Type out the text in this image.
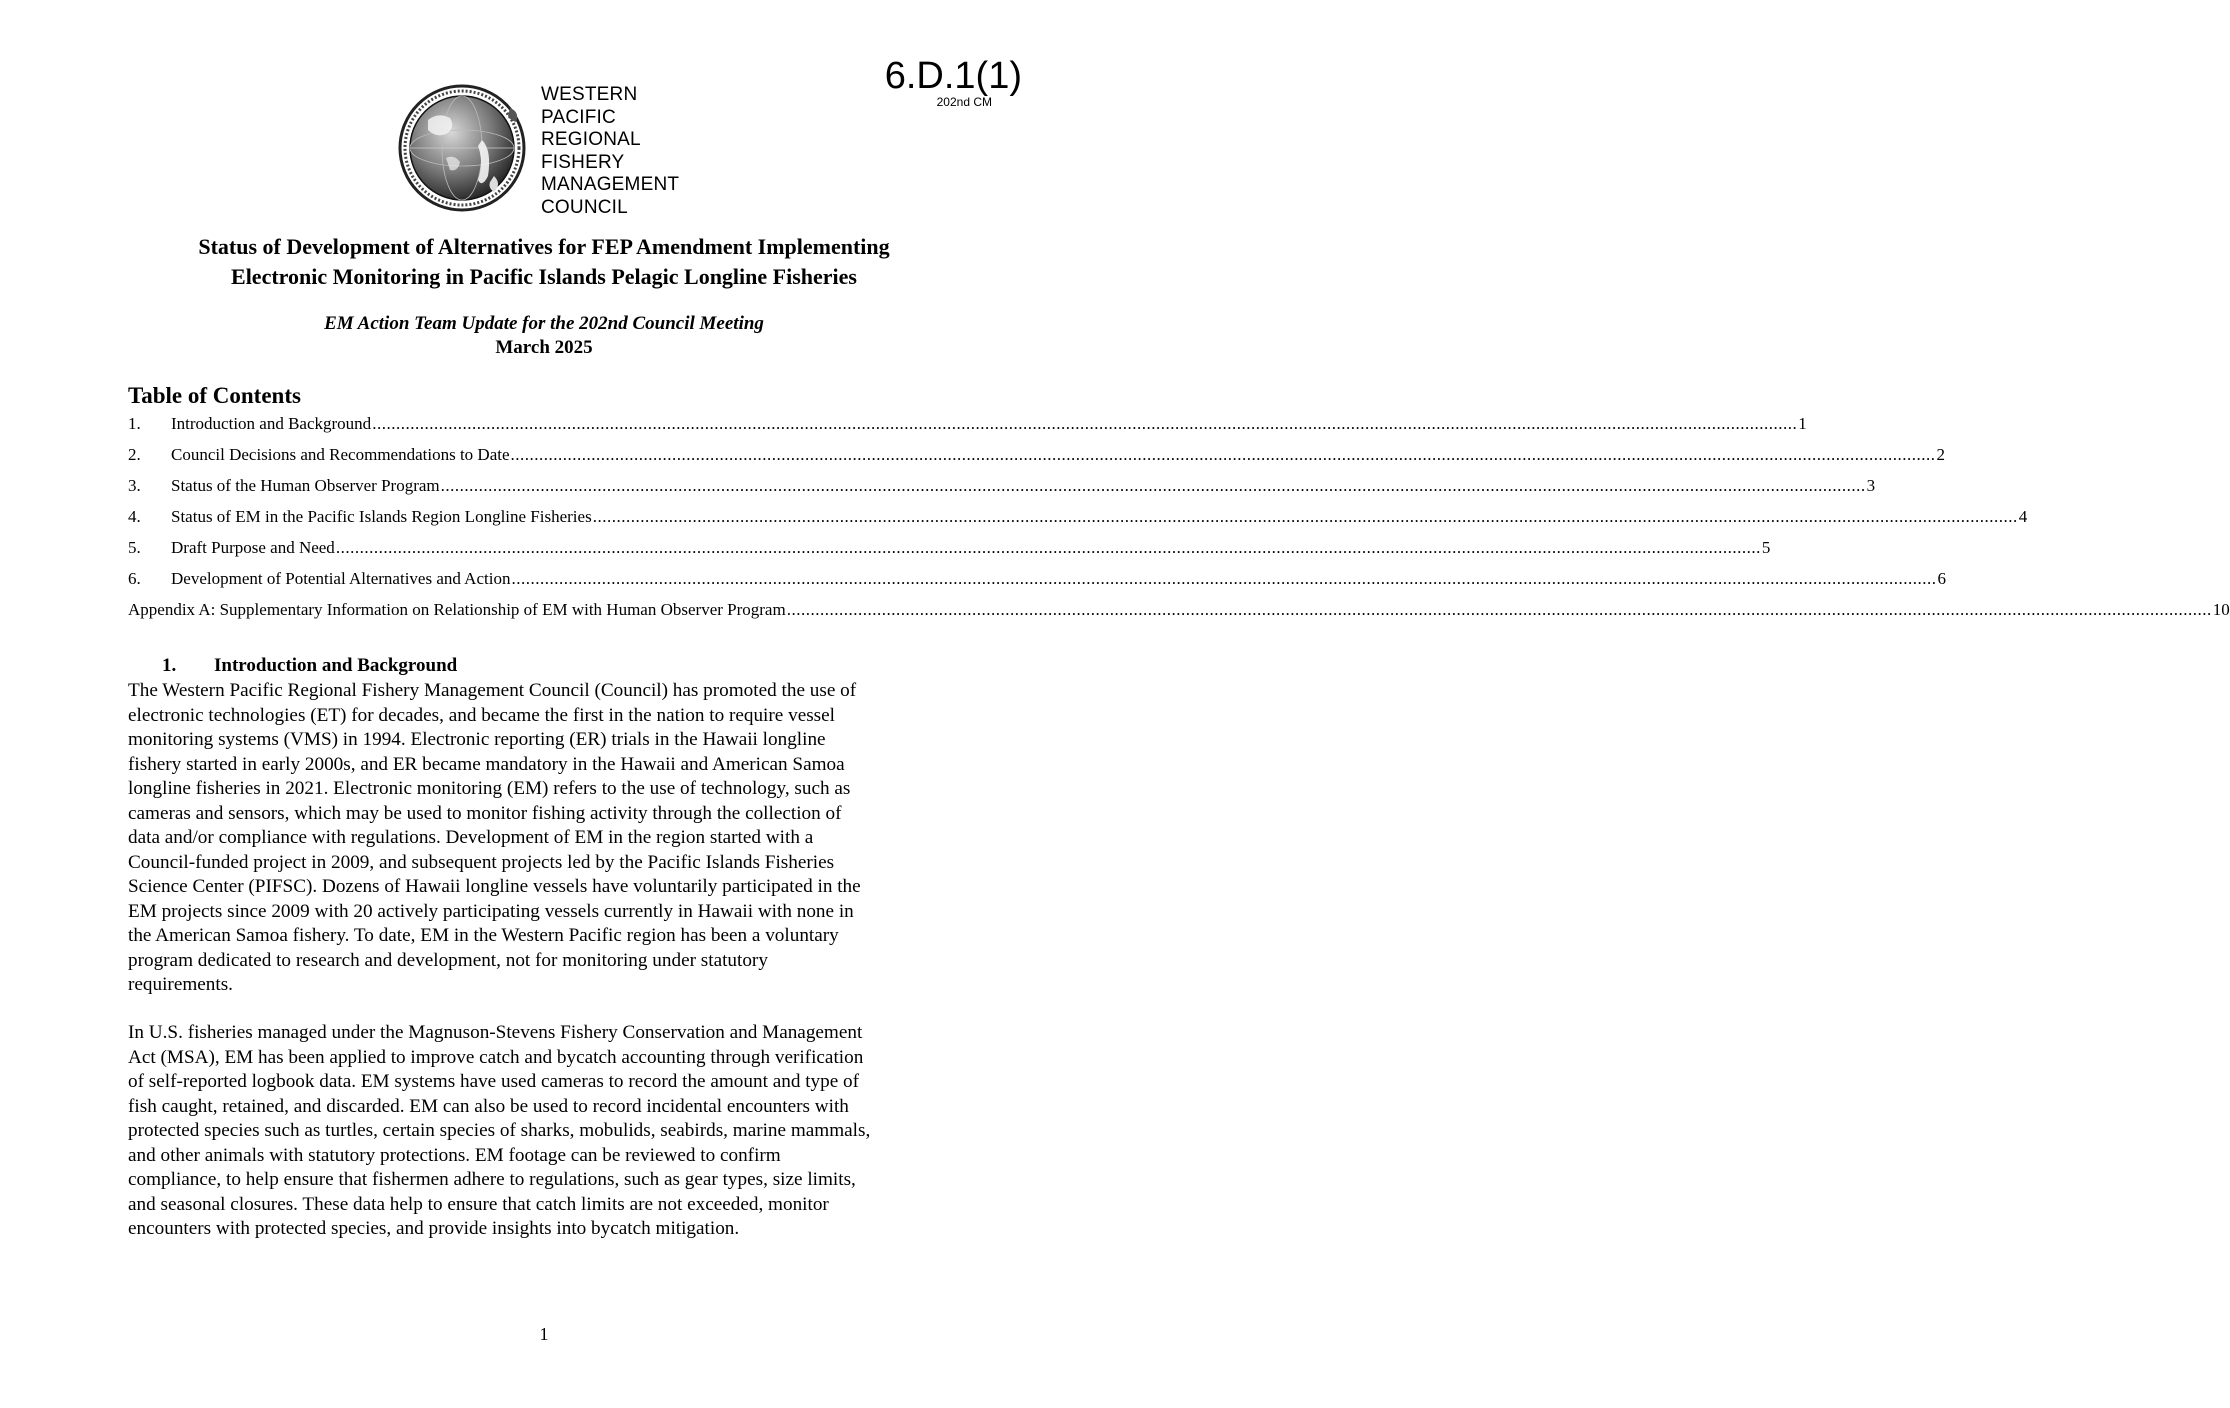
6.D.1(1)
202nd CM
WESTERN
PACIFIC
REGIONAL
FISHERY
MANAGEMENT
COUNCIL
Status of Development of Alternatives for FEP Amendment Implementing
Electronic Monitoring in Pacific Islands Pelagic Longline Fisheries
EM Action Team Update for the 202nd Council Meeting
March 2025
Table of Contents
1.	Introduction and Background ............................................................................................................................................................................................................................................................................................................ 1
2.	Council Decisions and Recommendations to Date ............................................................................................................................................................................................................................................................................................................ 2
3.	Status of the Human Observer Program ............................................................................................................................................................................................................................................................................................................ 3
4.	Status of EM in the Pacific Islands Region Longline Fisheries ............................................................................................................................................................................................................................................................................................................ 4
5.	Draft Purpose and Need ............................................................................................................................................................................................................................................................................................................ 5
6.	Development of Potential Alternatives and Action ............................................................................................................................................................................................................................................................................................................ 6
Appendix A: Supplementary Information on Relationship of EM with Human Observer Program ............................................................................................................................................................................................................................................................................................................ 10
1. Introduction and Background
The Western Pacific Regional Fishery Management Council (Council) has promoted the use of
electronic technologies (ET) for decades, and became the first in the nation to require vessel
monitoring systems (VMS) in 1994. Electronic reporting (ER) trials in the Hawaii longline
fishery started in early 2000s, and ER became mandatory in the Hawaii and American Samoa
longline fisheries in 2021. Electronic monitoring (EM) refers to the use of technology, such as
cameras and sensors, which may be used to monitor fishing activity through the collection of
data and/or compliance with regulations. Development of EM in the region started with a
Council-funded project in 2009, and subsequent projects led by the Pacific Islands Fisheries
Science Center (PIFSC). Dozens of Hawaii longline vessels have voluntarily participated in the
EM projects since 2009 with 20 actively participating vessels currently in Hawaii with none in
the American Samoa fishery. To date, EM in the Western Pacific region has been a voluntary
program dedicated to research and development, not for monitoring under statutory
requirements.
In U.S. fisheries managed under the Magnuson-Stevens Fishery Conservation and Management
Act (MSA), EM has been applied to improve catch and bycatch accounting through verification
of self-reported logbook data. EM systems have used cameras to record the amount and type of
fish caught, retained, and discarded. EM can also be used to record incidental encounters with
protected species such as turtles, certain species of sharks, mobulids, seabirds, marine mammals,
and other animals with statutory protections. EM footage can be reviewed to confirm
compliance, to help ensure that fishermen adhere to regulations, such as gear types, size limits,
and seasonal closures. These data help to ensure that catch limits are not exceeded, monitor
encounters with protected species, and provide insights into bycatch mitigation.
1
